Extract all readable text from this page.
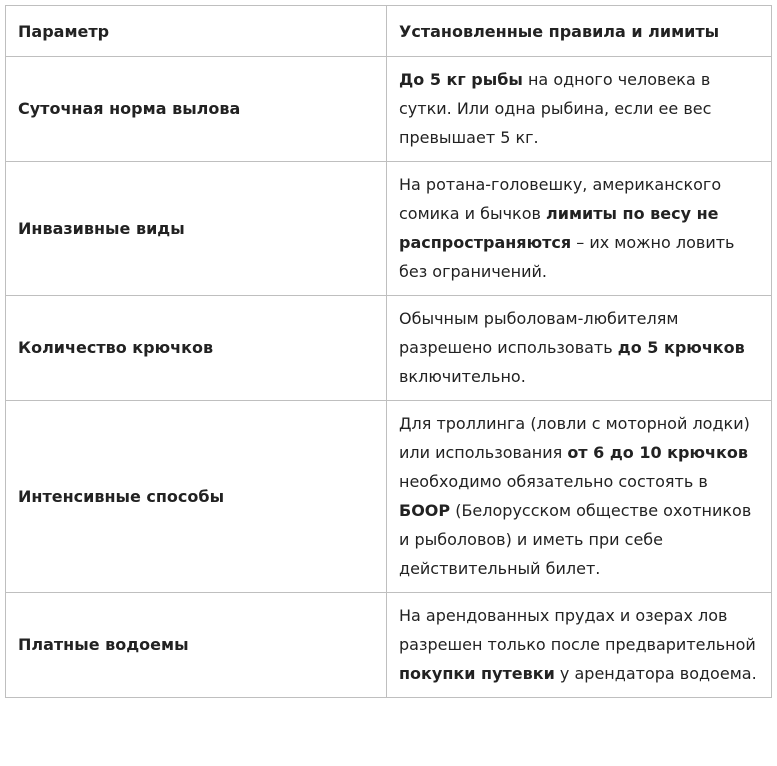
Параметр	Установленные правила и лимиты
Суточная норма вылова	До 5 кг рыбы на одного человека в сутки. Или одна рыбина, если ее вес превышает 5 кг.
Инвазивные виды	На ротана-головешку, американского сомика и бычков лимиты по весу не распространяются – их можно ловить без ограничений.
Количество крючков	Обычным рыболовам-любителям разрешено использовать до 5 крючков включительно.
Интенсивные способы	Для троллинга (ловли с моторной лодки) или использования от 6 до 10 крючков необходимо обязательно состоять в БООР (Белорусском обществе охотников и рыболовов) и иметь при себе действительный билет.
Платные водоемы	На арендованных прудах и озерах лов разрешен только после предварительной покупки путевки у арендатора водоема.
